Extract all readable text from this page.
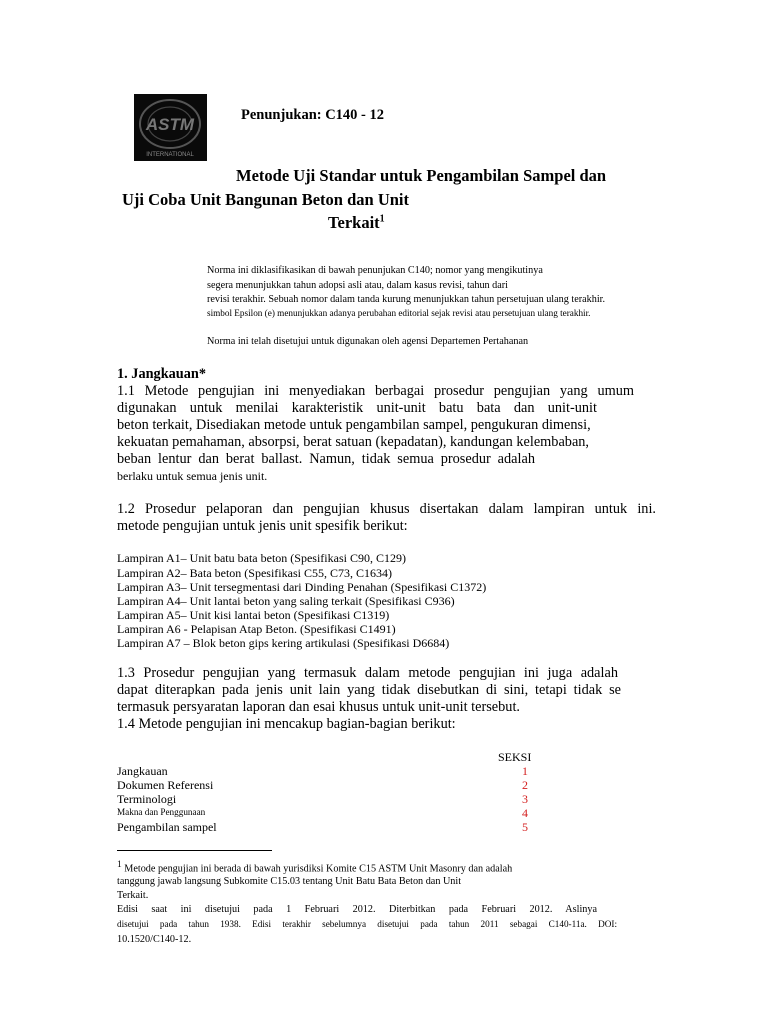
ASTM
INTERNATIONAL
Penunjukan: C140 - 12
Metode Uji Standar untuk Pengambilan Sampel dan
Uji Coba Unit Bangunan Beton dan Unit
Terkait$^1$
Norma ini diklasifikasikan di bawah penunjukan C140; nomor yang mengikutinya
segera menunjukkan tahun adopsi asli atau, dalam kasus revisi, tahun dari
revisi terakhir. Sebuah nomor dalam tanda kurung menunjukkan tahun persetujuan ulang terakhir.
simbol Epsilon (e) menunjukkan adanya perubahan editorial sejak revisi atau persetujuan ulang terakhir.
Norma ini telah disetujui untuk digunakan oleh agensi Departemen Pertahanan
1. Jangkauan*
1.1 Metode pengujian ini menyediakan berbagai prosedur pengujian yang umum
digunakan untuk menilai karakteristik unit-unit batu bata dan unit-unit
beton terkait, Disediakan metode untuk pengambilan sampel, pengukuran dimensi,
kekuatan pemahaman, absorpsi, berat satuan (kepadatan), kandungan kelembaban,
beban lentur dan berat ballast. Namun, tidak semua prosedur adalah
berlaku untuk semua jenis unit.
1.2 Prosedur pelaporan dan pengujian khusus disertakan dalam lampiran untuk ini.
metode pengujian untuk jenis unit spesifik berikut:
Lampiran A1– Unit batu bata beton (Spesifikasi C90, C129)
Lampiran A2– Bata beton (Spesifikasi C55, C73, C1634)
Lampiran A3– Unit tersegmentasi dari Dinding Penahan (Spesifikasi C1372)
Lampiran A4– Unit lantai beton yang saling terkait (Spesifikasi C936)
Lampiran A5– Unit kisi lantai beton (Spesifikasi C1319)
Lampiran A6 - Pelapisan Atap Beton. (Spesifikasi C1491)
Lampiran A7 – Blok beton gips kering artikulasi (Spesifikasi D6684)
1.3 Prosedur pengujian yang termasuk dalam metode pengujian ini juga adalah
dapat diterapkan pada jenis unit lain yang tidak disebutkan di sini, tetapi tidak se
termasuk persyaratan laporan dan esai khusus untuk unit-unit tersebut.
1.4 Metode pengujian ini mencakup bagian-bagian berikut:
SEKSI
Jangkauan	1
Dokumen Referensi	2
Terminologi	3
Makna dan Penggunaan	4
Pengambilan sampel	5
1 Metode pengujian ini berada di bawah yurisdiksi Komite C15 ASTM Unit Masonry dan adalah
tanggung jawab langsung Subkomite C15.03 tentang Unit Batu Bata Beton dan Unit
Terkait.
Edisi saat ini disetujui pada 1 Februari 2012. Diterbitkan pada Februari 2012. Aslinya
disetujui pada tahun 1938. Edisi terakhir sebelumnya disetujui pada tahun 2011 sebagai C140-11a. DOI:
10.1520/C140-12.
